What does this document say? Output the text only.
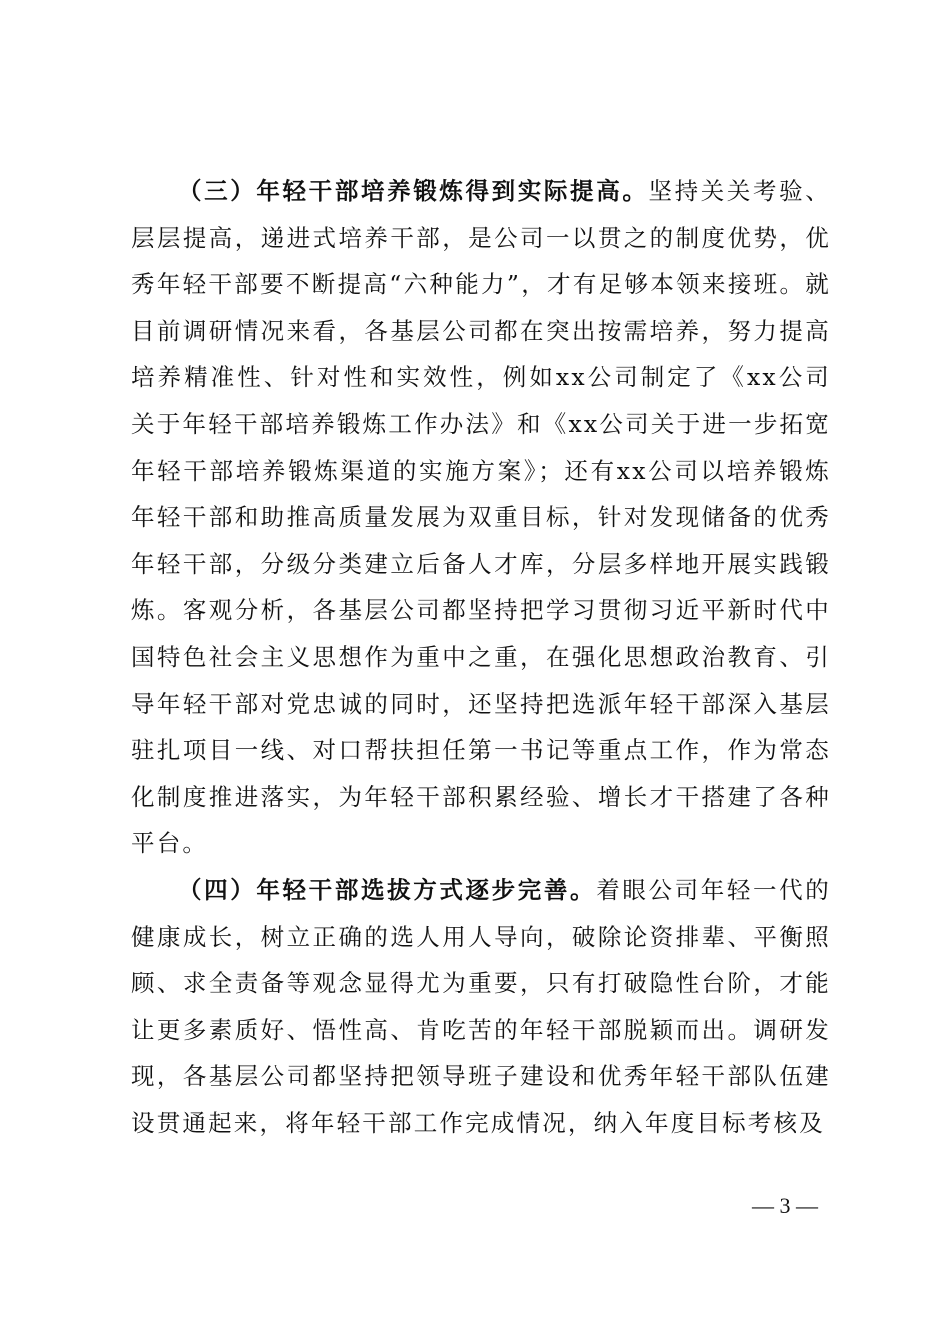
（三）年轻干部培养锻炼得到实际提高。坚持关关考验、层层提高，递进式培养干部，是公司一以贯之的制度优势，优秀年轻干部要不断提高“六种能力”，才有足够本领来接班。就目前调研情况来看，各基层公司都在突出按需培养，努力提高培养精准性、针对性和实效性，例如xx公司制定了《xx公司关于年轻干部培养锻炼工作办法》和《xx公司关于进一步拓宽年轻干部培养锻炼渠道的实施方案》；还有xx公司以培养锻炼年轻干部和助推高质量发展为双重目标，针对发现储备的优秀年轻干部，分级分类建立后备人才库，分层多样地开展实践锻炼。客观分析，各基层公司都坚持把学习贯彻习近平新时代中国特色社会主义思想作为重中之重，在强化思想政治教育、引导年轻干部对党忠诚的同时，还坚持把选派年轻干部深入基层驻扎项目一线、对口帮扶担任第一书记等重点工作，作为常态化制度推进落实，为年轻干部积累经验、增长才干搭建了各种平台。

（四）年轻干部选拔方式逐步完善。着眼公司年轻一代的健康成长，树立正确的选人用人导向，破除论资排辈、平衡照顾、求全责备等观念显得尤为重要，只有打破隐性台阶，才能让更多素质好、悟性高、肯吃苦的年轻干部脱颖而出。调研发现，各基层公司都坚持把领导班子建设和优秀年轻干部队伍建设贯通起来，将年轻干部工作完成情况，纳入年度目标考核及

— 3 —
